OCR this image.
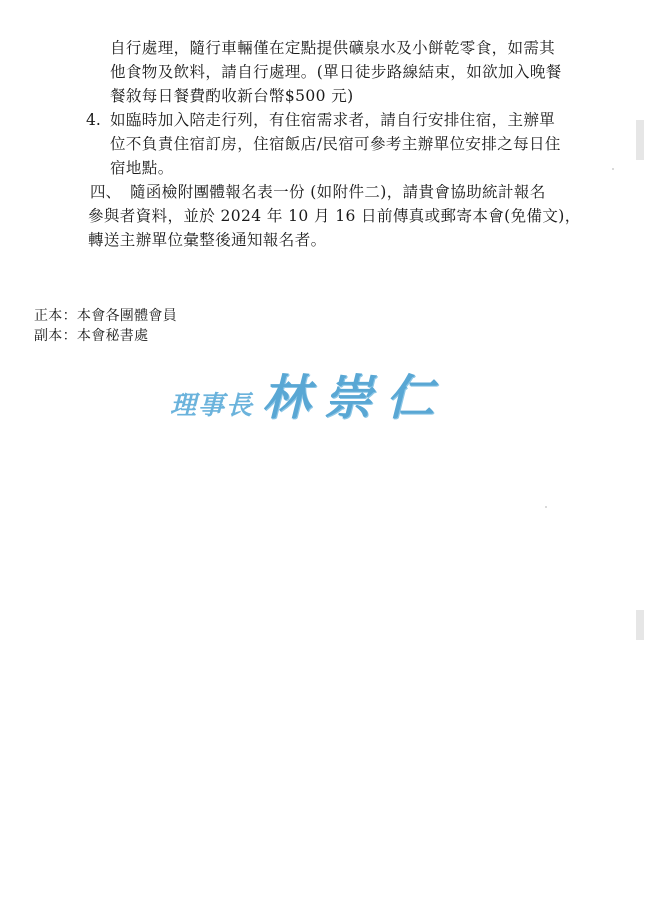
自行處理，隨行車輛僅在定點提供礦泉水及小餅乾零食，如需其
他食物及飲料，請自行處理。(單日徒步路線結束，如欲加入晚餐
餐敘每日餐費酌收新台幣$500 元)

4. 如臨時加入陪走行列，有住宿需求者，請自行安排住宿，主辦單
位不負責住宿訂房，住宿飯店/民宿可參考主辦單位安排之每日住
宿地點。

四、 隨函檢附團體報名表一份 (如附件二)，請貴會協助統計報名

參與者資料，並於 2024 年 10 月 16 日前傳真或郵寄本會(免備文)，
轉送主辦單位彙整後通知報名者。

正本：本會各團體會員
副本：本會秘書處
理事長 林崇仁
